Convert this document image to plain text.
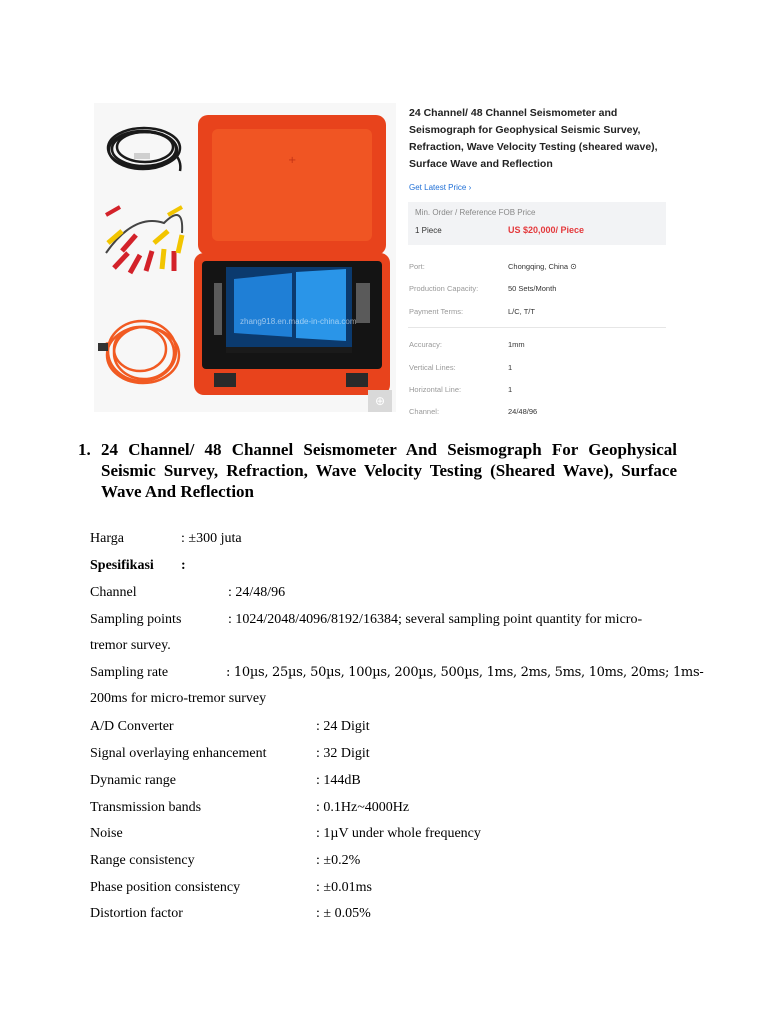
+
zhang918.en.made-in-china.com
⊕
24 Channel/ 48 Channel Seismometer and Seismograph for Geophysical Seismic Survey, Refraction, Wave Velocity Testing (sheared wave), Surface Wave and Reflection
Get Latest Price ›
Min. Order / Reference FOB Price
1 Piece	US $20,000/ Piece
Port:	Chongqing, China ⊙
Production Capacity:	50 Sets/Month
Payment Terms:	L/C, T/T
Accuracy:	1mm
Vertical Lines:	1
Horizontal Line:	1
Channel:	24/48/96
1. 24 Channel/ 48 Channel Seismometer And Seismograph For Geophysical Seismic Survey, Refraction, Wave Velocity Testing (Sheared Wave), Surface Wave And Reflection
Harga	: ±300 juta
Spesifikasi :
Channel	: 24/48/96
Sampling points	: 1024/2048/4096/8192/16384; several sampling point quantity for micro-
tremor survey.
Sampling rate	: 10µs, 25µs, 50µs, 100µs, 200µs, 500µs, 1ms, 2ms, 5ms, 10ms, 20ms; 1ms-
200ms for micro-tremor survey
A/D Converter	: 24 Digit
Signal overlaying enhancement	: 32 Digit
Dynamic range	: 144dB
Transmission bands	: 0.1Hz~4000Hz
Noise	: 1µV under whole frequency
Range consistency	: ±0.2%
Phase position consistency	: ±0.01ms
Distortion factor	: ± 0.05%
